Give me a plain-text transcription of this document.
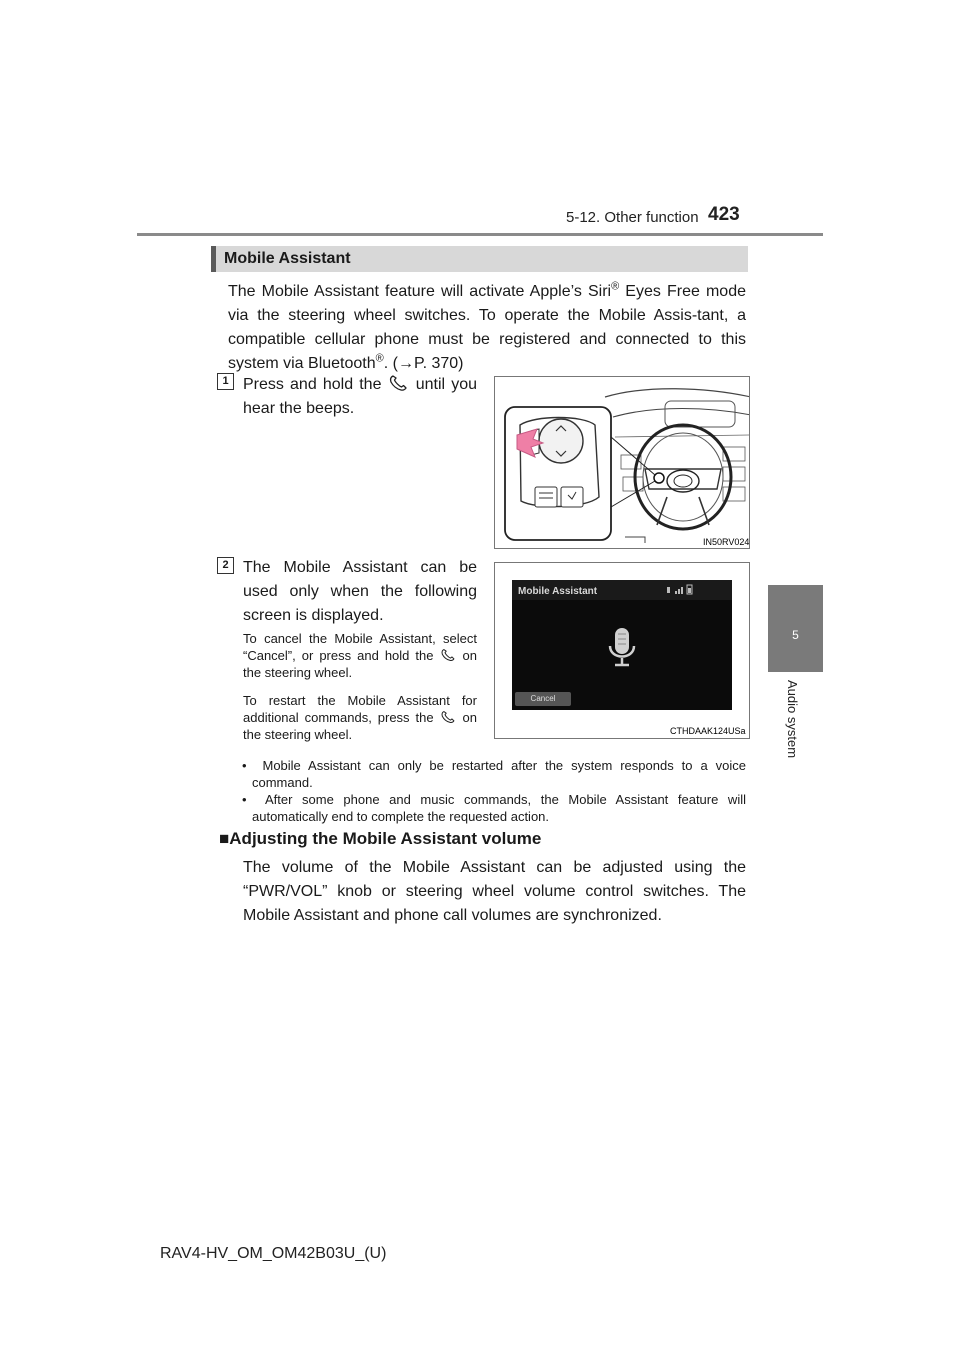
5-12. Other function 423
5
Audio system
Mobile Assistant

The Mobile Assistant feature will activate Apple’s Siri® Eyes Free mode via the steering wheel switches. To operate the Mobile Assis-tant, a compatible cellular phone must be registered and connected to this system via Bluetooth®. (→P. 370)

1 Press and hold the until you hear the beeps.

IN50RV024
2 The Mobile Assistant can be used only when the following screen is displayed.

To cancel the Mobile Assistant, select “Cancel”, or press and hold the on the steering wheel.

To restart the Mobile Assistant for additional commands, press the on the steering wheel.	CTHDAAK124USa
Mobile Assistant
Cancel
• Mobile Assistant can only be restarted after the system responds to a voice command.
• After some phone and music commands, the Mobile Assistant feature will automatically end to complete the requested action.
■Adjusting the Mobile Assistant volume

The volume of the Mobile Assistant can be adjusted using the “PWR/VOL” knob or steering wheel volume control switches. The Mobile Assistant and phone call volumes are synchronized.

RAV4-HV_OM_OM42B03U_(U)
